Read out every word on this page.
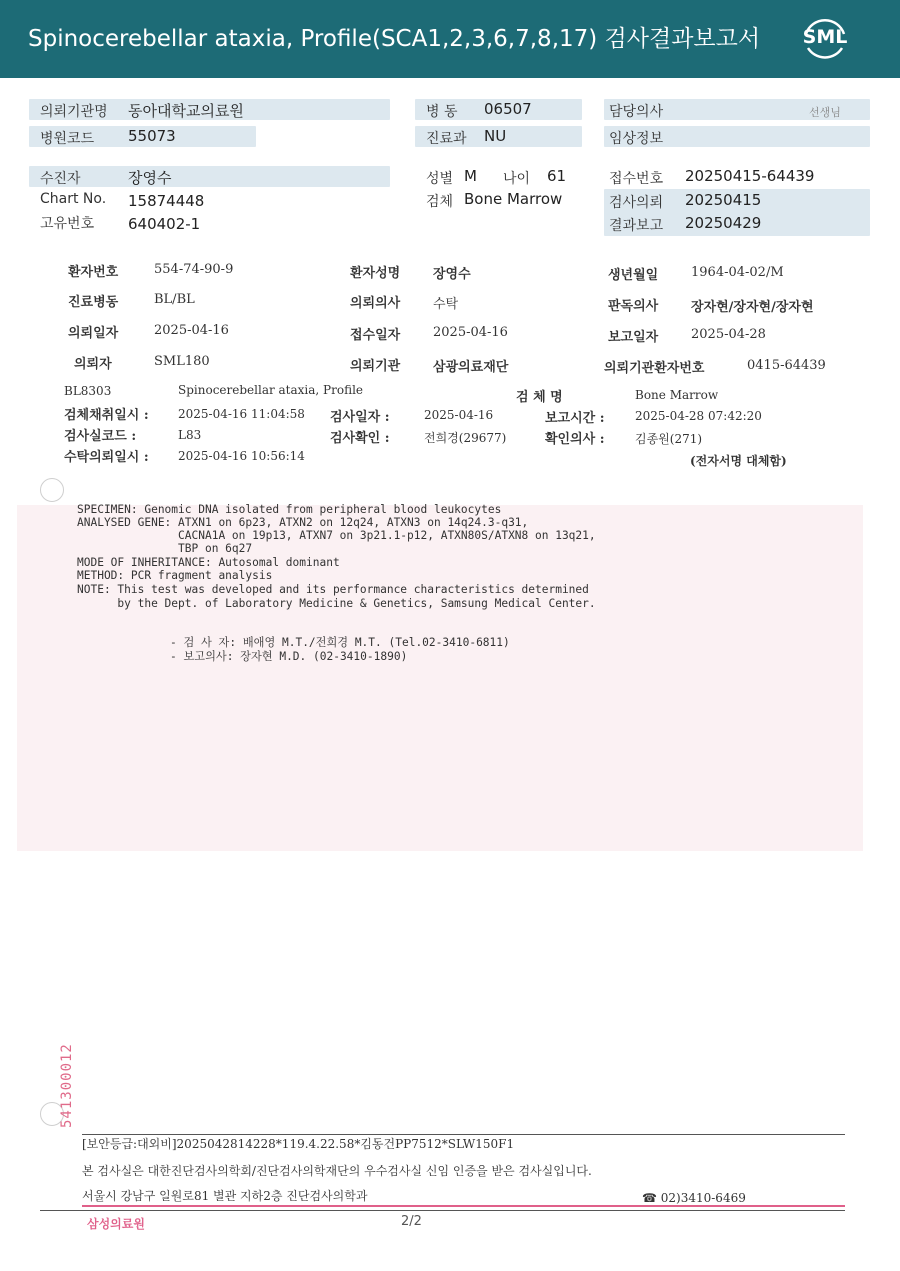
Spinocerebellar ataxia, Profile(SCA1,2,3,6,7,8,17) 검사결과보고서 SML
의뢰기관명 동아대학교의료원
병원코드 55073
병 동 06507
진료과 NU
담당의사	선생님
임상정보
수진자	장영수
Chart No. 15874448
고유번호 640402-1
성별 M 나이 61
검체 Bone Marrow
접수번호 20250415-64439
검사의뢰 20250415
결과보고 20250429
환자번호	554-74-90-9	환자성명	장영수	생년월일	1964-04-02/M
진료병동	BL/BL	의뢰의사	수탁	판독의사	장자현/장자현/장자현
의뢰일자	2025-04-16	접수일자	2025-04-16	보고일자	2025-04-28
의뢰자	SML180	의뢰기관	삼광의료재단	의뢰기관환자번호	0415-64439
BL8303	Spinocerebellar ataxia, Profile	검 체 명	Bone Marrow
검체채취일시 : 2025-04-16 11:04:58 검사일자 :	2025-04-16	보고시간 :	2025-04-28 07:42:20
검사실코드 :	L83	검사확인 :	전희경(29677)	확인의사 :	김종원(271)
수탁의뢰일시 : 2025-04-16 10:56:14	(전자서명 대체함)
SPECIMEN: Genomic DNA isolated from peripheral blood leukocytes
ANALYSED GENE: ATXN1 on 6p23, ATXN2 on 12q24, ATXN3 on 14q24.3-q31,
CACNA1A on 19p13, ATXN7 on 3p21.1-p12, ATXN80S/ATXN8 on 13q21,
TBP on 6q27
MODE OF INHERITANCE: Autosomal dominant
METHOD: PCR fragment analysis
NOTE: This test was developed and its performance characteristics determined
by the Dept. of Laboratory Medicine & Genetics, Samsung Medical Center.
- 검 사 자: 배애영 M.T./전희경 M.T. (Tel.02-3410-6811)
- 보고의사: 장자현 M.D. (02-3410-1890)
541300012
[보안등급:대외비]2025042814228*119.4.22.58*김동건PP7512*SLW150F1
본 검사실은 대한진단검사의학회/진단검사의학재단의 우수검사실 신임 인증을 받은 검사실입니다.
서울시 강남구 일원로81 별관 지하2층 진단검사의학과	☎ 02)3410-6469
삼성의료원	2/2
